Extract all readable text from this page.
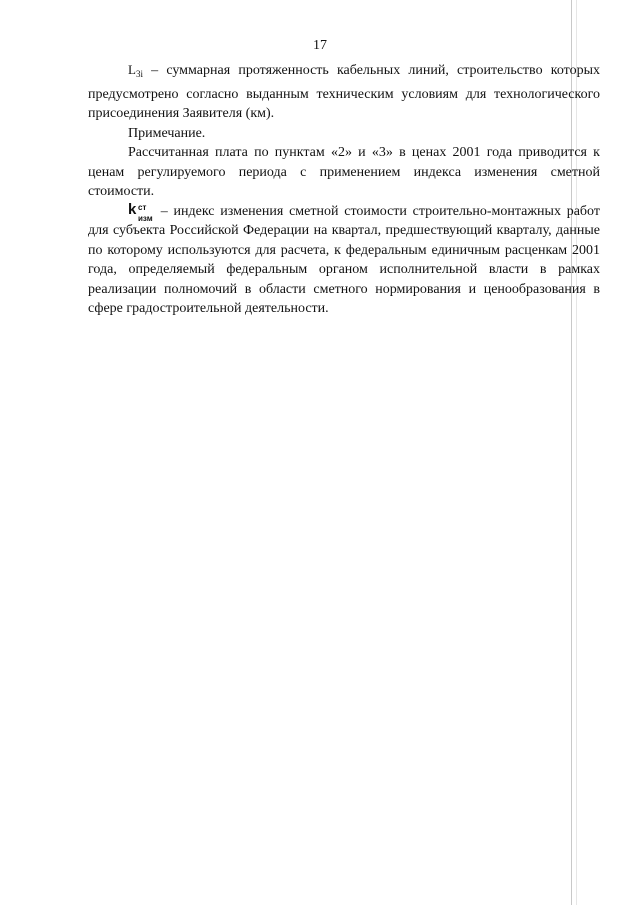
17

$L_{3i}$ – суммарная протяженность кабельных линий, строительство которых предусмотрено согласно выданным техническим условиям для технологического присоединения Заявителя (км).

Примечание.

Рассчитанная плата по пунктам «2» и «3» в ценах 2001 года приводится к ценам регулируемого периода с применением индекса изменения сметной стоимости.

k ст
изм – индекс изменения сметной стоимости строительно-монтажных работ для субъекта Российской Федерации на квартал, предшествующий кварталу, данные по которому используются для расчета, к федеральным единичным расценкам 2001 года, определяемый федеральным органом исполнительной власти в рамках реализации полномочий в области сметного нормирования и ценообразования в сфере градостроительной деятельности.
